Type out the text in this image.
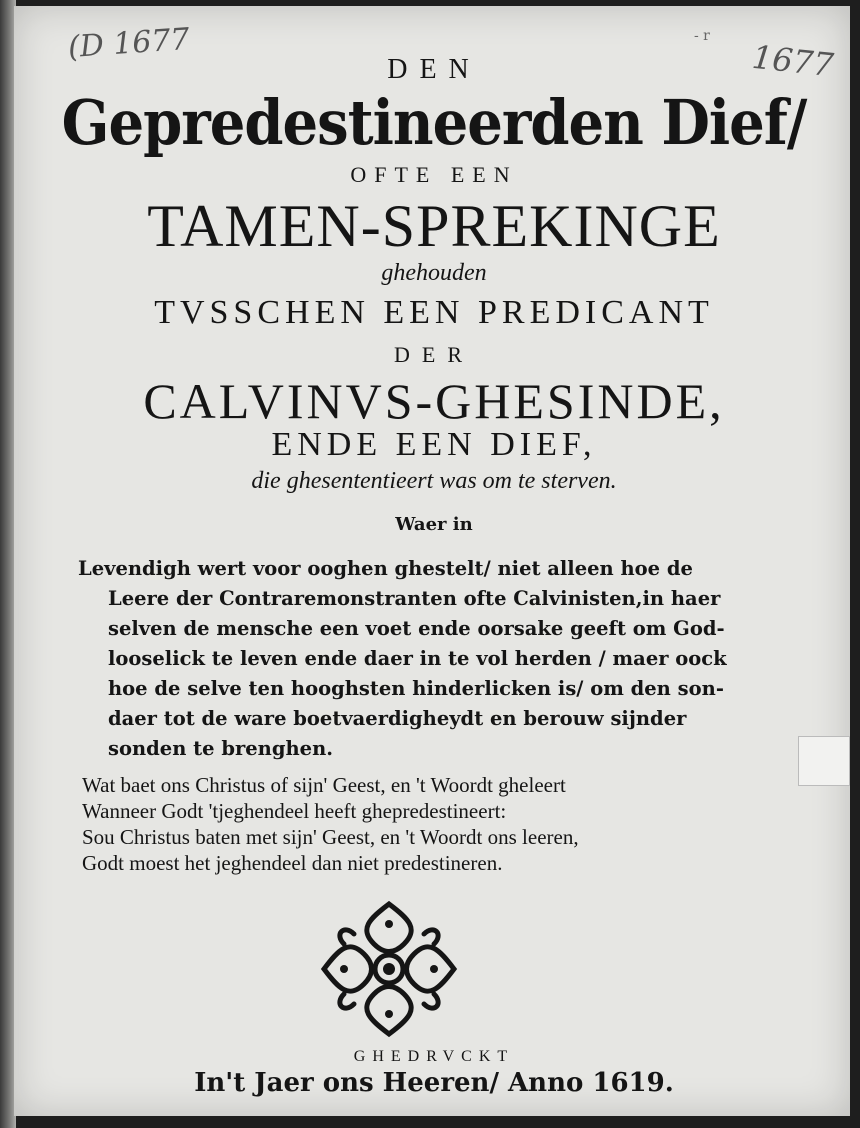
(D 1677	1677
- r
DEN
Gepredestineerden Dief/
OFTE EEN
TAMEN-SPREKINGE
ghehouden
TVSSCHEN EEN PREDICANT
DER
CALVINVS-GHESINDE,
ENDE EEN DIEF,
die ghesententieert was om te sterven.
Waer in
Levendigh wert voor ooghen ghestelt/ niet alleen hoe de
Leere der Contraremonstranten ofte Calvinisten,in haer
selven de mensche een voet ende oorsake geeft om God-
looselick te leven ende daer in te vol herden / maer oock
hoe de selve ten hooghsten hinderlicken is/ om den son-
daer tot de ware boetvaerdigheydt en berouw sijnder
sonden te brenghen.
Wat baet ons Christus of sijn' Geest, en 't Woordt gheleert
Wanneer Godt 'tjeghendeel heeft ghepredestineert:
Sou Christus baten met sijn' Geest, en 't Woordt ons leeren,
Godt moest het jeghendeel dan niet predestineren.
GHEDRVCKT
In't Jaer ons Heeren/ Anno 1619.
